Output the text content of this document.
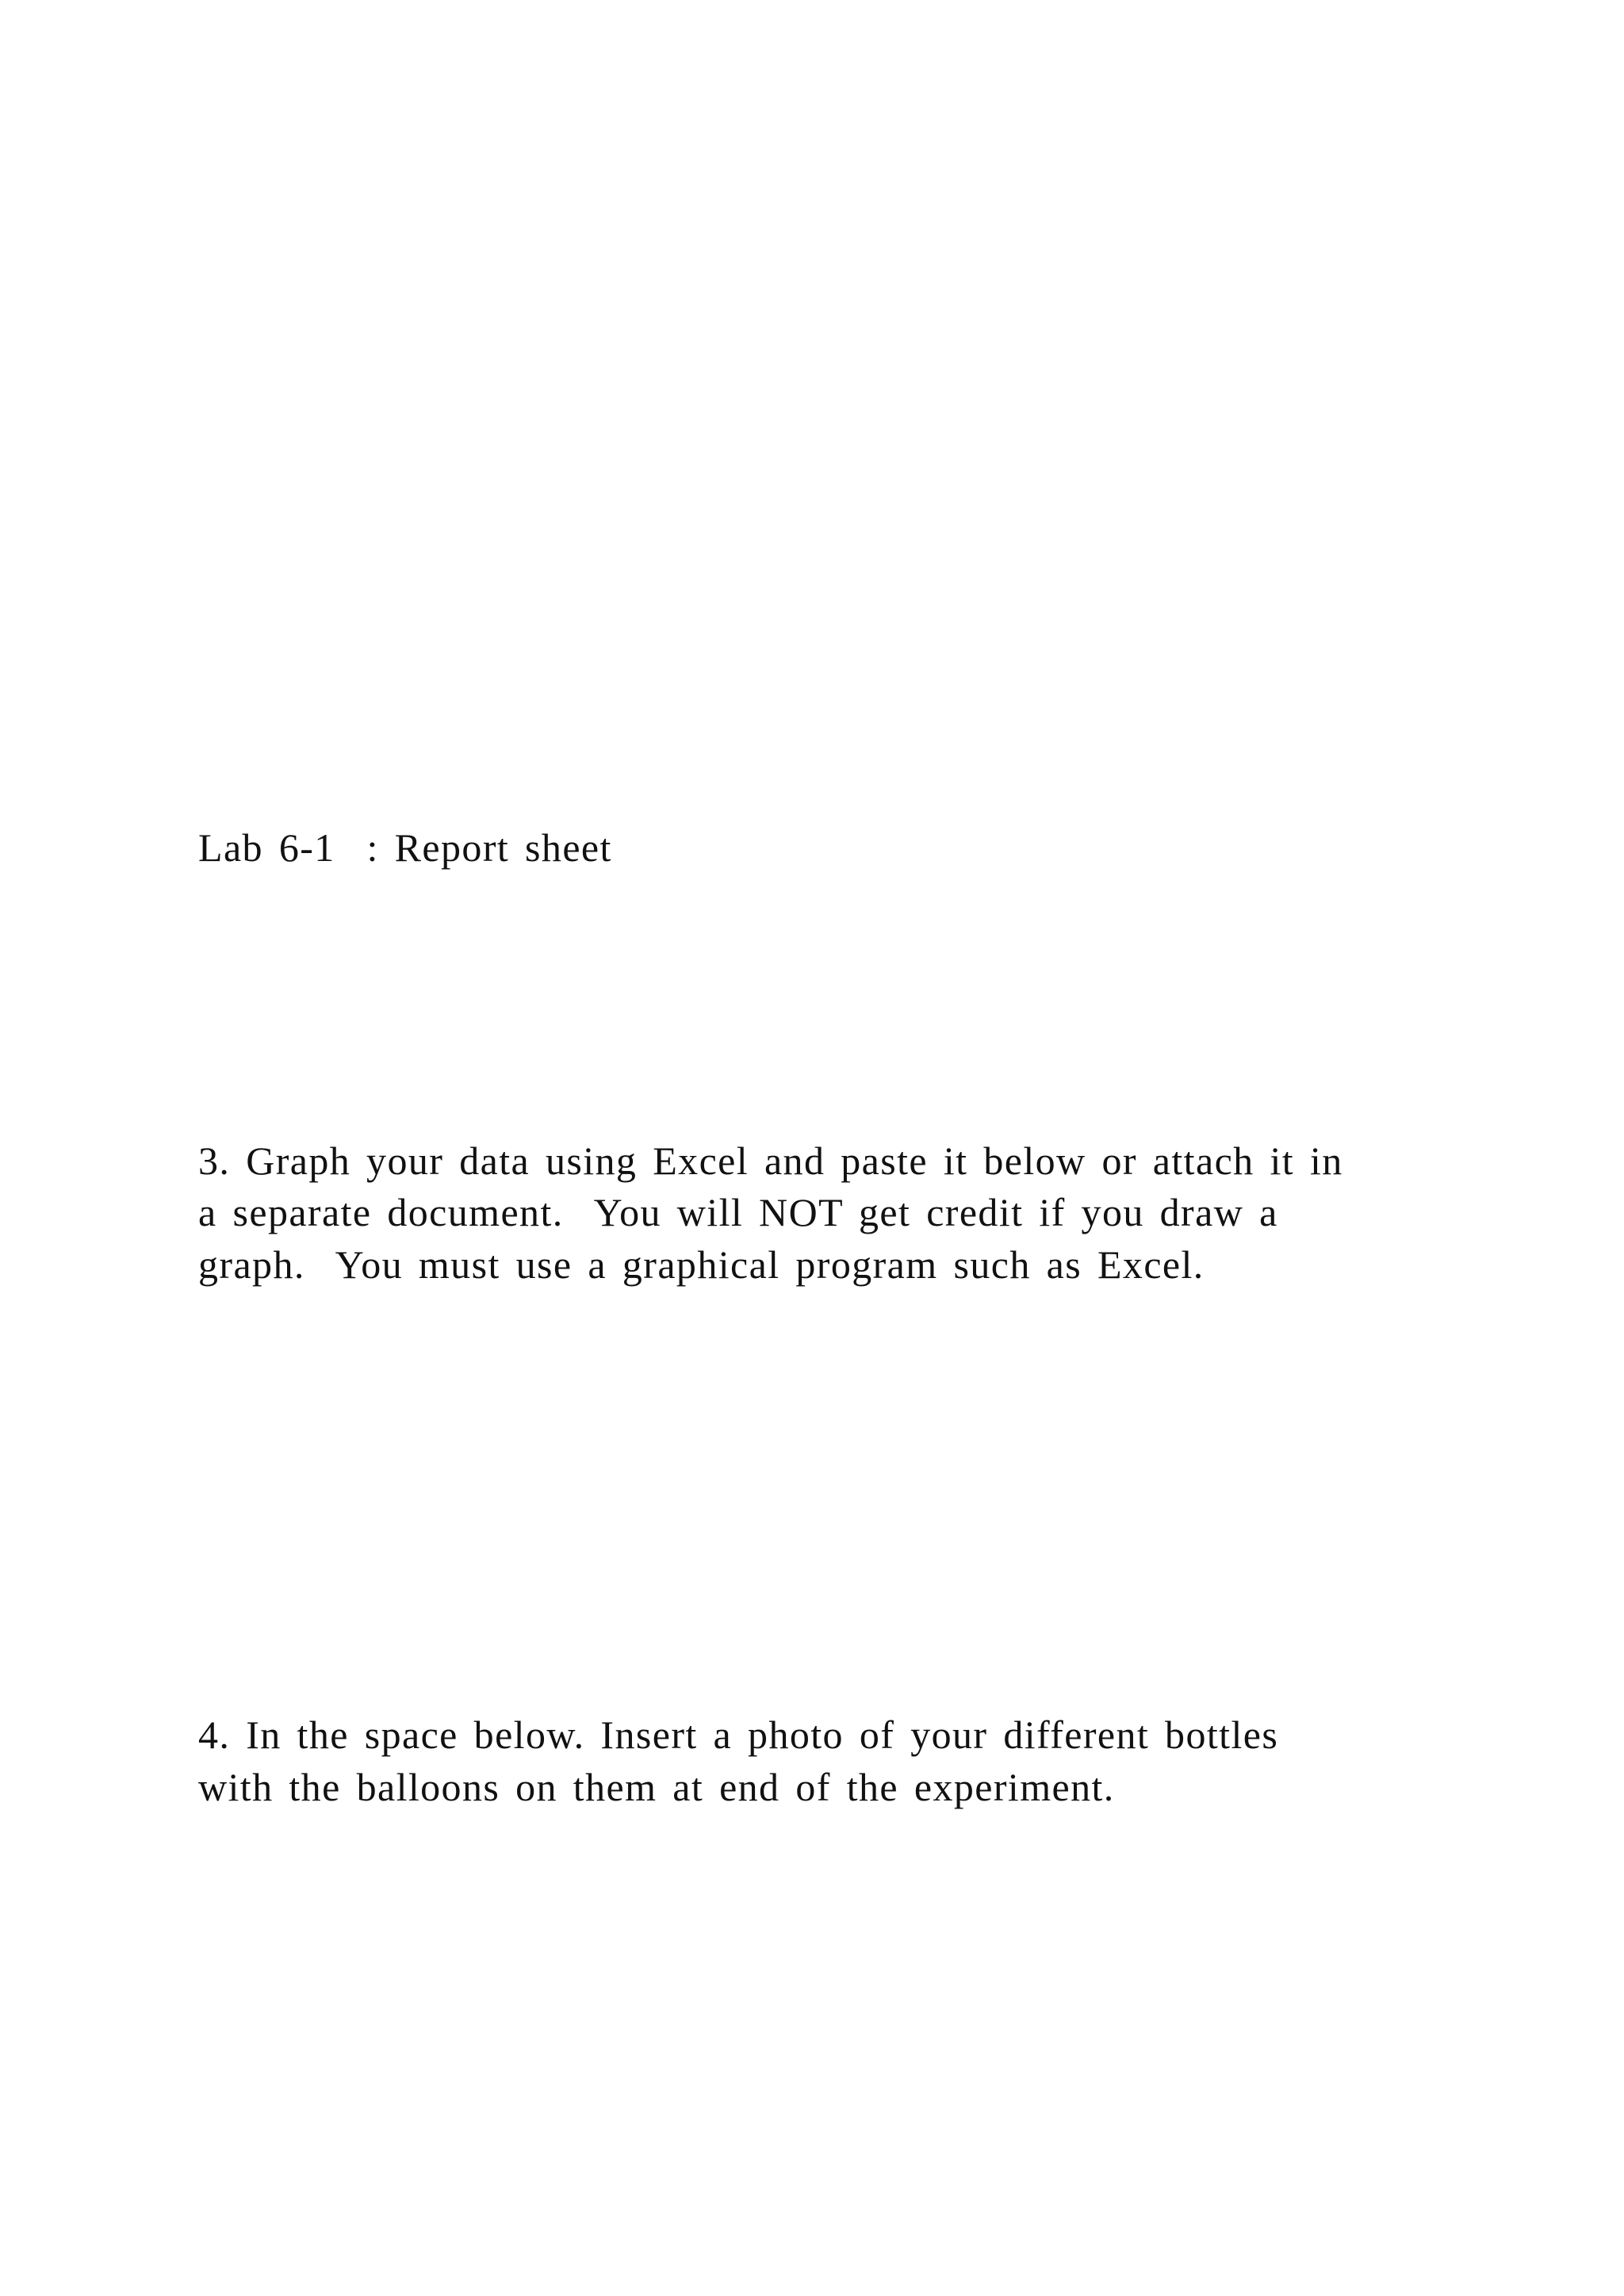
Lab 6-1  : Report sheet

3. Graph your data using Excel and paste it below or attach it in

a separate document.  You will NOT get credit if you draw a

graph.  You must use a graphical program such as Excel.

4. In the space below. Insert a photo of your different bottles

with the balloons on them at end of the experiment.
